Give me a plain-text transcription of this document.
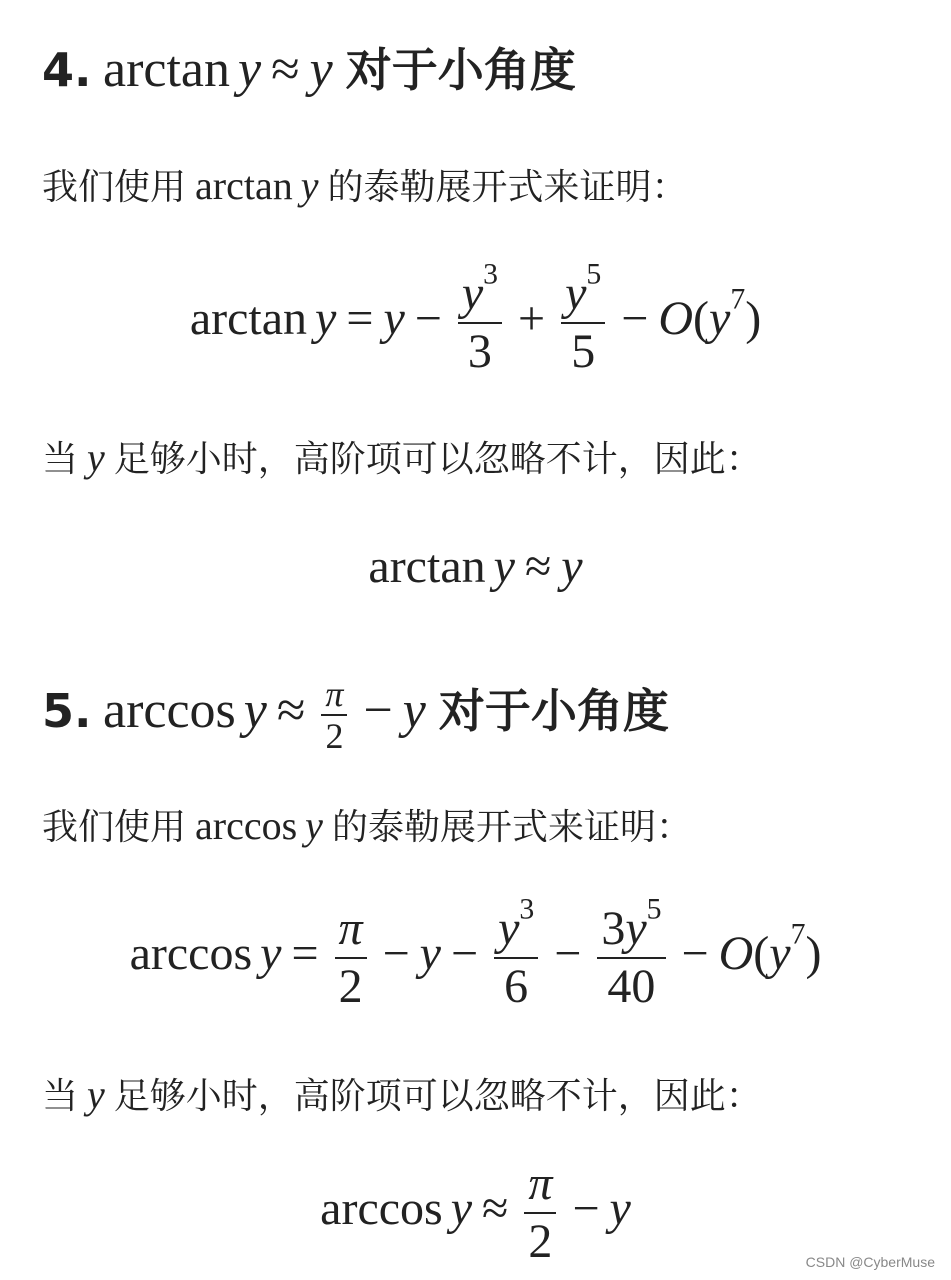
4. arctan y ≈ y 对于小角度
我们使用 arctan y 的泰勒展开式来证明：
$\arctan y = y - \frac{y^3}{3} + \frac{y^5}{5} - O(y^7)$
当 y 足够小时，高阶项可以忽略不计，因此：
arctan y ≈ y
5. $\arccos y \approx \frac{\pi}{2} - y$ 对于小角度
我们使用 arccos y 的泰勒展开式来证明：
$\arccos y = \frac{\pi}{2} - y - \frac{y^3}{6} - \frac{3y^5}{40} - O(y^7)$
当 y 足够小时，高阶项可以忽略不计，因此：
$\arccos y \approx \frac{\pi}{2} - y$
CSDN @CyberMuse
